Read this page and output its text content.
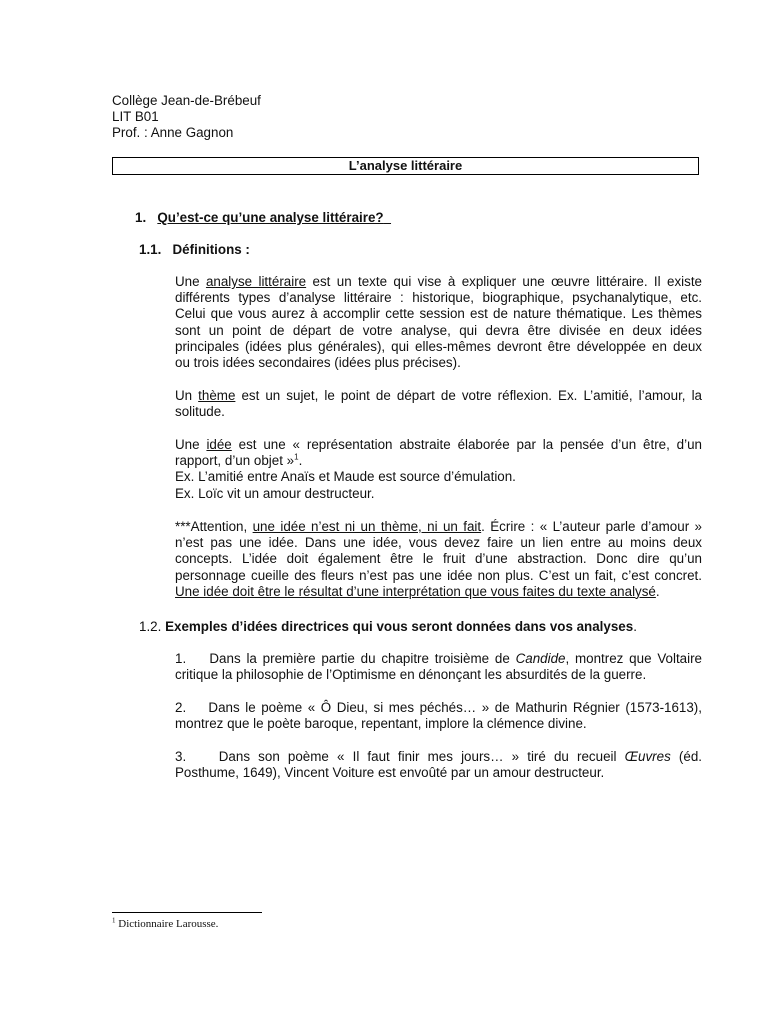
Collège Jean-de-Brébeuf
LIT B01
Prof. : Anne Gagnon
L’analyse littéraire
1. Qu’est-ce qu’une analyse littéraire?
1.1. Définitions :
Une analyse littéraire est un texte qui vise à expliquer une œuvre littéraire. Il existe
différents types d’analyse littéraire : historique, biographique, psychanalytique, etc.
Celui que vous aurez à accomplir cette session est de nature thématique. Les thèmes
sont un point de départ de votre analyse, qui devra être divisée en deux idées
principales (idées plus générales), qui elles-mêmes devront être développée en deux
ou trois idées secondaires (idées plus précises).
Un thème est un sujet, le point de départ de votre réflexion. Ex. L’amitié, l’amour, la
solitude.
Une idée est une « représentation abstraite élaborée par la pensée d’un être, d’un
rapport, d’un objet »$^1$.
Ex. L’amitié entre Anaïs et Maude est source d’émulation.
Ex. Loïc vit un amour destructeur.
***Attention, une idée n’est ni un thème, ni un fait. Écrire : « L’auteur parle d’amour »
n’est pas une idée. Dans une idée, vous devez faire un lien entre au moins deux
concepts. L’idée doit également être le fruit d’une abstraction. Donc dire qu’un
personnage cueille des fleurs n’est pas une idée non plus. C’est un fait, c’est concret.
Une idée doit être le résultat d’une interprétation que vous faites du texte analysé.
1.2. Exemples d’idées directrices qui vous seront données dans vos analyses.
1. Dans la première partie du chapitre troisième de Candide, montrez que Voltaire
critique la philosophie de l’Optimisme en dénonçant les absurdités de la guerre.
2. Dans le poème « Ô Dieu, si mes péchés… » de Mathurin Régnier (1573-1613),
montrez que le poète baroque, repentant, implore la clémence divine.
3. Dans son poème « Il faut finir mes jours… » tiré du recueil Œuvres (éd.
Posthume, 1649), Vincent Voiture est envoûté par un amour destructeur.
$^1$ Dictionnaire Larousse.
